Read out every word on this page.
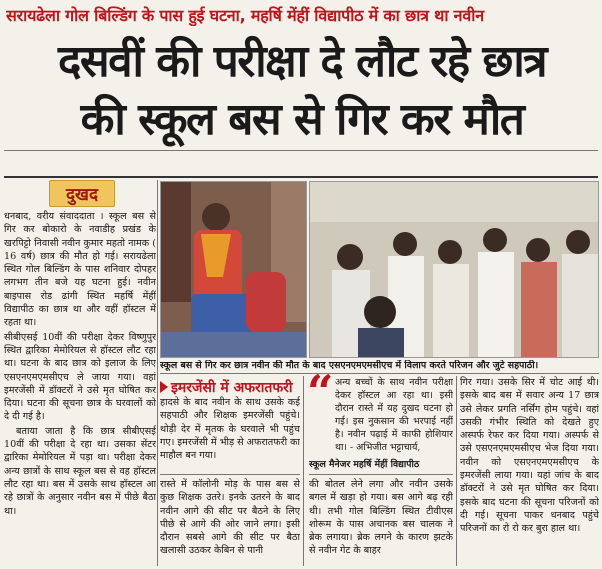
सरायढेला गोल बिल्डिंग के पास हुई घटना, महर्षि मेंहीं विद्यापीठ में का छात्र था नवीन
दसवीं की परीक्षा दे लौट रहे छात्र
की स्कूल बस से गिर कर मौत
दुखद

धनबाद, वरीय संवाददाता । स्कूल बस से गिर कर बोकारो के नवाडीह प्रखंड के खरपिट्टो निवासी नवीन कुमार महतो नामक ( 16 वर्ष) छात्र की मौत हो गई। सरायढेला स्थित गोल बिल्डिंग के पास शनिवार दोपहर लगभग तीन बजे यह घटना हुई। नवीन बाइपास रोड ढांगी स्थित महर्षि मेंहीं विद्यापीठ का छात्र था और वहीं हॉस्टल में रहता था।

सीबीएसई 10वीं की परीक्षा देकर विष्णुपुर स्थित द्वारिका मेमोरियल से हॉस्टल लौट रहा था। घटना के बाद छात्र को इलाज के लिए एसएनएमएमसीएच ले जाया गया। वहां इमरजेंसी में डॉक्टरों ने उसे मृत घोषित कर दिया। घटना की सूचना छात्र के घरवालों को दे दी गई है।

बताया जाता है कि छात्र सीबीएसई 10वीं की परीक्षा दे रहा था। उसका सेंटर द्वारिका मेमोरियल में पड़ा था। परीक्षा देकर अन्य छात्रों के साथ स्कूल बस से वह हॉस्टल लौट रहा था। बस में उसके साथ हॉस्टल आ रहे छात्रों के अनुसार नवीन बस में पीछे बैठा था।

स्कूल बस से गिर कर छात्र नवीन की मौत के बाद एसएनएमएमसीएच में विलाप करते परिजन और जुटे सहपाठी।
इमरजेंसी में अफरातफरी
हादसे के बाद नवीन के साथ उसके कई सहपाठी और शिक्षक इमरजेंसी पहुंचे। थोड़ी देर में मृतक के घरवाले भी पहुंच गए। इमरजेंसी में भीड़ से अफरातफरी का माहौल बन गया।
रास्ते में कॉलोनी मोड़ के पास बस से कुछ शिक्षक उतरे। इनके उतरने के बाद नवीन आगे की सीट पर बैठने के लिए पीछे से आगे की ओर जाने लगा। इसी दौरान सबसे आगे की सीट पर बैठा खलासी उठकर केबिन से पानी
“ अन्य बच्चों के साथ नवीन परीक्षा देकर हॉस्टल आ रहा था। इसी दौरान रास्ते में यह दुखद घटना हो गई। इस नुकसान की भरपाई नहीं है। नवीन पढ़ाई में काफी होशियार था। - अभिजीत भट्टाचार्य,
स्कूल मैनेजर महर्षि मेंहीं विद्यापीठ
की बोतल लेने लगा और नवीन उसके बगल में खड़ा हो गया। बस आगे बढ़ रही थी। तभी गोल बिल्डिंग स्थित टीवीएस शोरूम के पास अचानक बस चालक ने ब्रेक लगाया। ब्रेक लगने के कारण झटके से नवीन गेट के बाहर
गिर गया। उसके सिर में चोट आई थी। इसके बाद बस में सवार अन्य 17 छात्र उसे लेकर प्रगति नर्सिंग होम पहुंचे। वहां उसकी गंभीर स्थिति को देखते हुए अस्पर्फ रेफर कर दिया गया। अस्पर्फ से उसे एसएनएमएमसीएच भेज दिया गया। नवीन को एसएनएमएमसीएच के इमरजेंसी लाया गया। यहां जांच के बाद डॉक्टरों ने उसे मृत घोषित कर दिया। इसके बाद घटना की सूचना परिजनों को दी गई। सूचना पाकर धनबाद पहुंचे परिजनों का रो रो कर बुरा हाल था।
